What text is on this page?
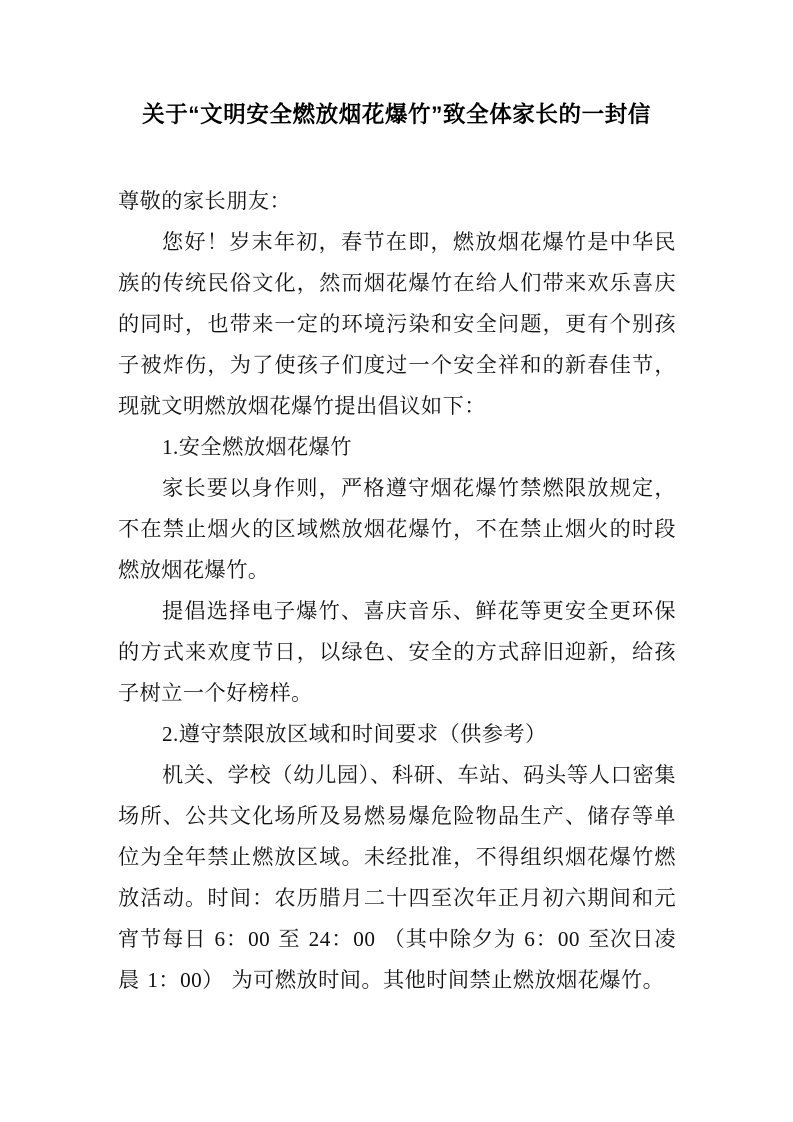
关于“文明安全燃放烟花爆竹”致全体家长的一封信

尊敬的家长朋友：

您好！岁末年初，春节在即，燃放烟花爆竹是中华民族的传统民俗文化，然而烟花爆竹在给人们带来欢乐喜庆的同时，也带来一定的环境污染和安全问题，更有个别孩子被炸伤，为了使孩子们度过一个安全祥和的新春佳节，现就文明燃放烟花爆竹提出倡议如下：

1.安全燃放烟花爆竹

家长要以身作则，严格遵守烟花爆竹禁燃限放规定，不在禁止烟火的区域燃放烟花爆竹，不在禁止烟火的时段燃放烟花爆竹。

提倡选择电子爆竹、喜庆音乐、鲜花等更安全更环保的方式来欢度节日，以绿色、安全的方式辞旧迎新，给孩子树立一个好榜样。

2.遵守禁限放区域和时间要求（供参考）

机关、学校（幼儿园）、科研、车站、码头等人口密集场所、公共文化场所及易燃易爆危险物品生产、储存等单位为全年禁止燃放区域。未经批准，不得组织烟花爆竹燃放活动。时间：农历腊月二十四至次年正月初六期间和元宵节每日 6：00 至 24：00 （其中除夕为 6：00 至次日凌晨 1：00） 为可燃放时间。其他时间禁止燃放烟花爆竹。
